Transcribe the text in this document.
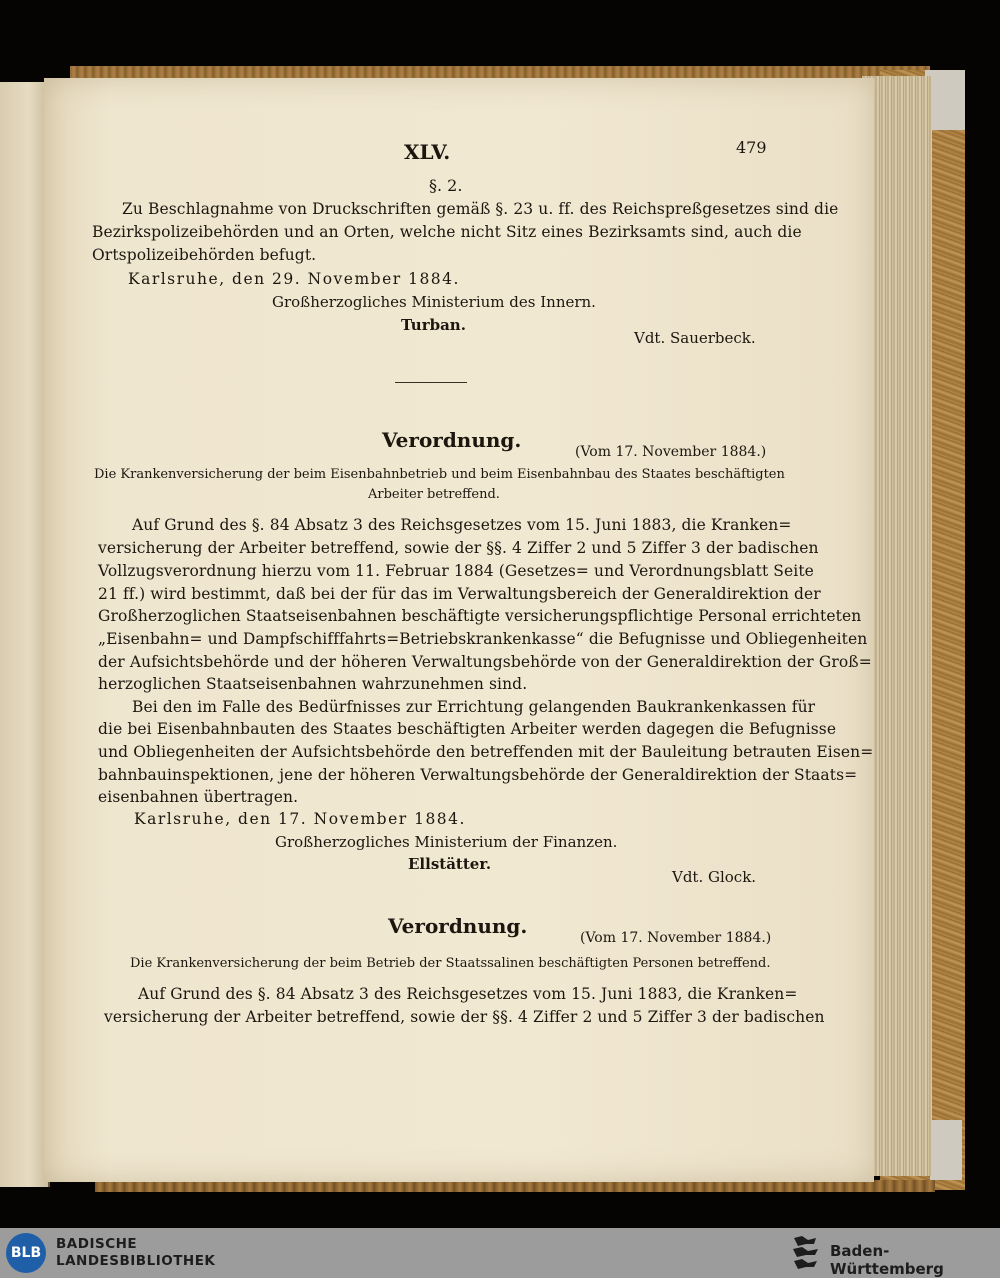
XLV.	479
§. 2.
Zu Beschlagnahme von Druckschriften gemäß §. 23 u. ff. des Reichspreßgesetzes sind die
Bezirkspolizeibehörden und an Orten, welche nicht Sitz eines Bezirksamts sind, auch die
Ortspolizeibehörden befugt.
Karlsruhe, den 29. November 1884.
Großherzogliches Ministerium des Innern.
Turban.
Vdt. Sauerbeck.
Verordnung.	(Vom 17. November 1884.)
Die Krankenversicherung der beim Eisenbahnbetrieb und beim Eisenbahnbau des Staates beschäftigten
Arbeiter betreffend.
Auf Grund des §. 84 Absatz 3 des Reichsgesetzes vom 15. Juni 1883, die Kranken=
versicherung der Arbeiter betreffend, sowie der §§. 4 Ziffer 2 und 5 Ziffer 3 der badischen
Vollzugsverordnung hierzu vom 11. Februar 1884 (Gesetzes= und Verordnungsblatt Seite
21 ff.) wird bestimmt, daß bei der für das im Verwaltungsbereich der Generaldirektion der
Großherzoglichen Staatseisenbahnen beschäftigte versicherungspflichtige Personal errichteten
„Eisenbahn= und Dampfschifffahrts=Betriebskrankenkasse“ die Befugnisse und Obliegenheiten
der Aufsichtsbehörde und der höheren Verwaltungsbehörde von der Generaldirektion der Groß=
herzoglichen Staatseisenbahnen wahrzunehmen sind.
Bei den im Falle des Bedürfnisses zur Errichtung gelangenden Baukrankenkassen für
die bei Eisenbahnbauten des Staates beschäftigten Arbeiter werden dagegen die Befugnisse
und Obliegenheiten der Aufsichtsbehörde den betreffenden mit der Bauleitung betrauten Eisen=
bahnbauinspektionen, jene der höheren Verwaltungsbehörde der Generaldirektion der Staats=
eisenbahnen übertragen.
Karlsruhe, den 17. November 1884.
Großherzogliches Ministerium der Finanzen.
Ellstätter.
Vdt. Glock.
Verordnung.	(Vom 17. November 1884.)
Die Krankenversicherung der beim Betrieb der Staatssalinen beschäftigten Personen betreffend.
Auf Grund des §. 84 Absatz 3 des Reichsgesetzes vom 15. Juni 1883, die Kranken=
versicherung der Arbeiter betreffend, sowie der §§. 4 Ziffer 2 und 5 Ziffer 3 der badischen
BLB
BADISCHE
LANDESBIBLIOTHEK
Baden-Württemberg
